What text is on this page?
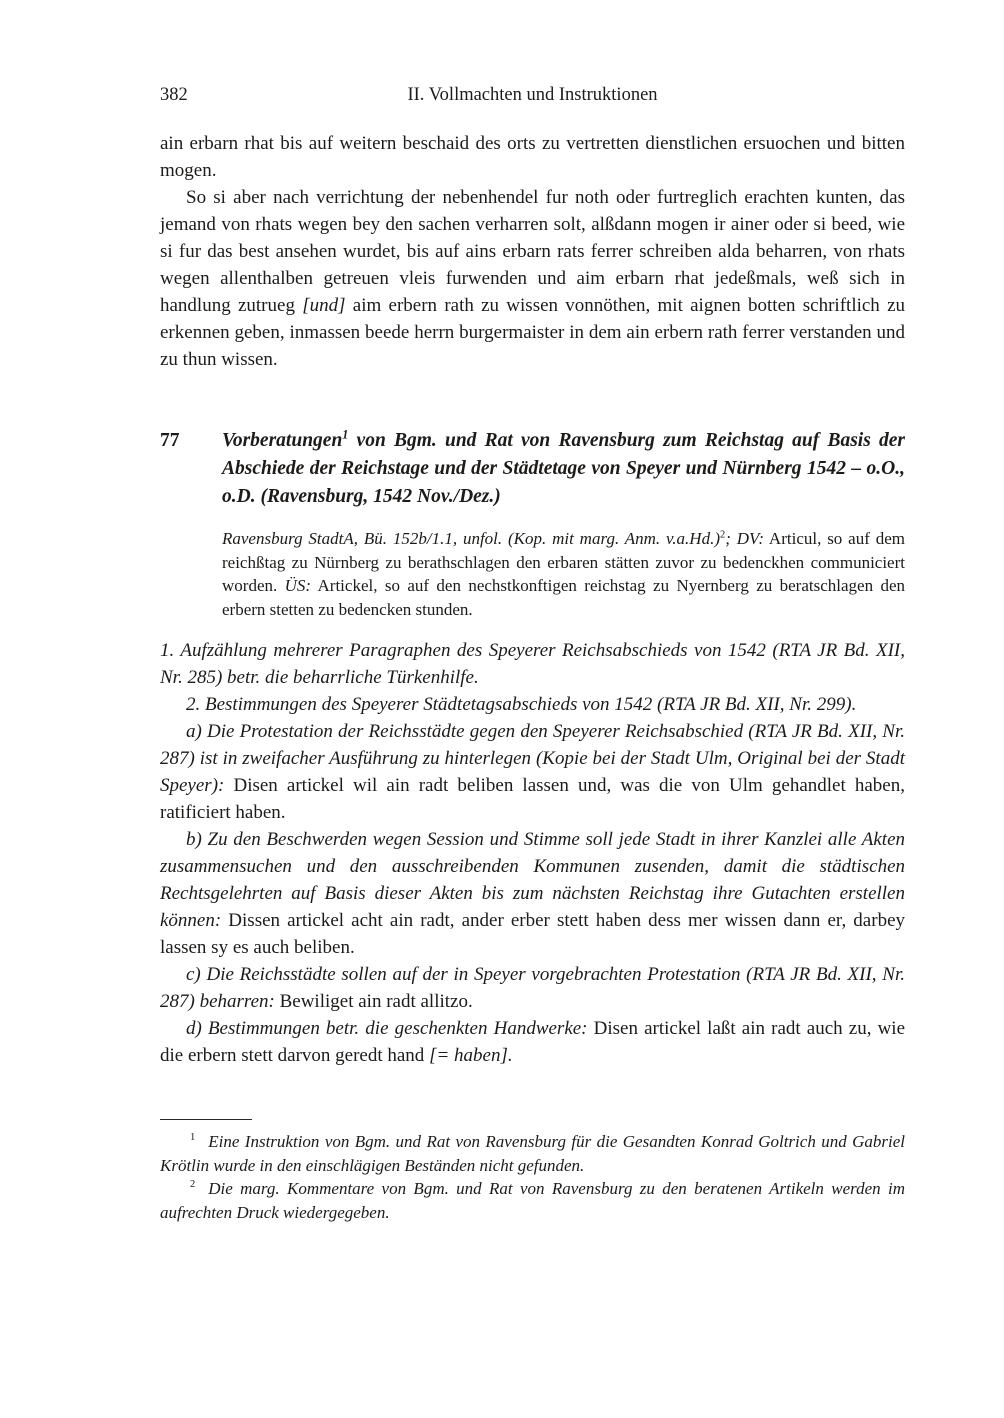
382	II. Vollmachten und Instruktionen

ain erbarn rhat bis auf weitern beschaid des orts zu vertretten dienstlichen ersuochen und bitten mogen.

So si aber nach verrichtung der nebenhendel fur noth oder furtreglich erachten kunten, das jemand von rhats wegen bey den sachen verharren solt, alßdann mogen ir ainer oder si beed, wie si fur das best ansehen wurdet, bis auf ains erbarn rats ferrer schreiben alda beharren, von rhats wegen allenthalben getreuen vleis furwenden und aim erbarn rhat jedeßmals, weß sich in handlung zutrueg [und] aim erbern rath zu wissen vonnöthen, mit aignen botten schriftlich zu erkennen geben, inmassen beede herrn burgermaister in dem ain erbern rath ferrer verstanden und zu thun wissen.

77	Vorberatungen$^1$ von Bgm. und Rat von Ravensburg zum Reichstag auf Basis der Abschiede der Reichstage und der Städtetage von Speyer und Nürnberg 1542 – o.O., o.D. (Ravensburg, 1542 Nov./Dez.)

Ravensburg StadtA, Bü. 152b/1.1, unfol. (Kop. mit marg. Anm. v.a.Hd.)$^2$; DV: Articul, so auf dem reichßtag zu Nürnberg zu berathschlagen den erbaren stätten zuvor zu bedenckhen communiciert worden. ÜS: Artickel, so auf den nechstkonftigen reichstag zu Nyernberg zu beratschlagen den erbern stetten zu bedencken stunden.

1. Aufzählung mehrerer Paragraphen des Speyerer Reichsabschieds von 1542 (RTA JR Bd. XII, Nr. 285) betr. die beharrliche Türkenhilfe.

2. Bestimmungen des Speyerer Städtetagsabschieds von 1542 (RTA JR Bd. XII, Nr. 299).

a) Die Protestation der Reichsstädte gegen den Speyerer Reichsabschied (RTA JR Bd. XII, Nr. 287) ist in zweifacher Ausführung zu hinterlegen (Kopie bei der Stadt Ulm, Original bei der Stadt Speyer): Disen artickel wil ain radt beliben lassen und, was die von Ulm gehandlet haben, ratificiert haben.

b) Zu den Beschwerden wegen Session und Stimme soll jede Stadt in ihrer Kanzlei alle Akten zusammensuchen und den ausschreibenden Kommunen zusenden, damit die städtischen Rechtsgelehrten auf Basis dieser Akten bis zum nächsten Reichstag ihre Gutachten erstellen können: Dissen artickel acht ain radt, ander erber stett haben dess mer wissen dann er, darbey lassen sy es auch beliben.

c) Die Reichsstädte sollen auf der in Speyer vorgebrachten Protestation (RTA JR Bd. XII, Nr. 287) beharren: Bewiliget ain radt allitzo.

d) Bestimmungen betr. die geschenkten Handwerke: Disen artickel laßt ain radt auch zu, wie die erbern stett darvon geredt hand [= haben].

$^1$ Eine Instruktion von Bgm. und Rat von Ravensburg für die Gesandten Konrad Goltrich und Gabriel Krötlin wurde in den einschlägigen Beständen nicht gefunden.

$^2$ Die marg. Kommentare von Bgm. und Rat von Ravensburg zu den beratenen Artikeln werden im aufrechten Druck wiedergegeben.
